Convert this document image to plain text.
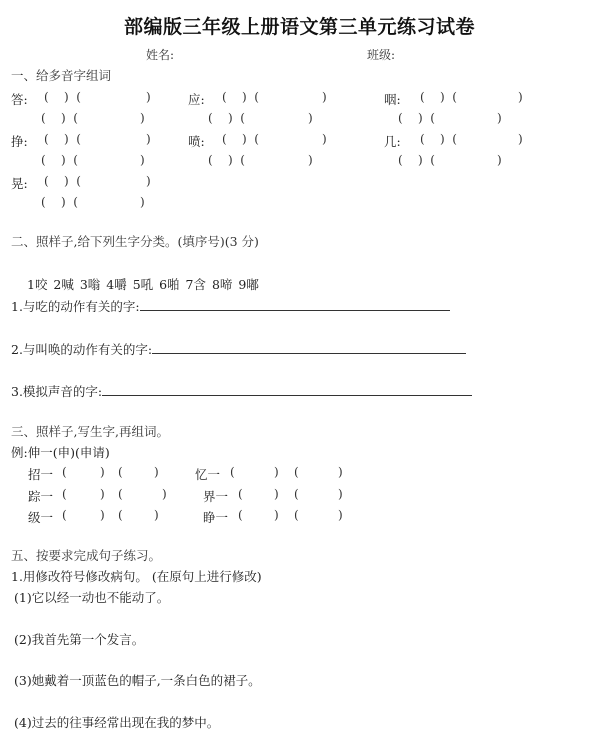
部编版三年级上册语文第三单元练习试卷
姓名:	班级:
一、给多音字组词
答: (    )  (	)
(    )  (	)
挣: (    )  (	)
(    )  (	)
晃: (    )  (	)
(    )  (	)
应: (    )  (	)
(    )  (	)
喷: (    )  (	)
(    )  (	)
咽: (    )  (	)
(    )  (	)
几: (    )  (	)
(    )  (	)
二、照样子,给下列生字分类。(填序号)(3 分)
1咬 2喊 3嗡 4嚼 5吼 6啪 7含 8啼 9嘟
1.与吃的动作有关的字:
2.与叫唤的动作有关的字:
3.模拟声音的字:
三、照样子,写生字,再组词。
例:伸一(申)(申请)
招一 (	) (	)
踪一 (	) (	)
级一 (	) (	)
忆一 (	) (	)
界一 (	) (	)
睁一 (	) (	)
五、按要求完成句子练习。
1.用修改符号修改病句。 (在原句上进行修改)
(1)它以经一动也不能动了。
(2)我首先第一个发言。
(3)她戴着一顶蓝色的帽子,一条白色的裙子。
(4)过去的往事经常出现在我的梦中。
